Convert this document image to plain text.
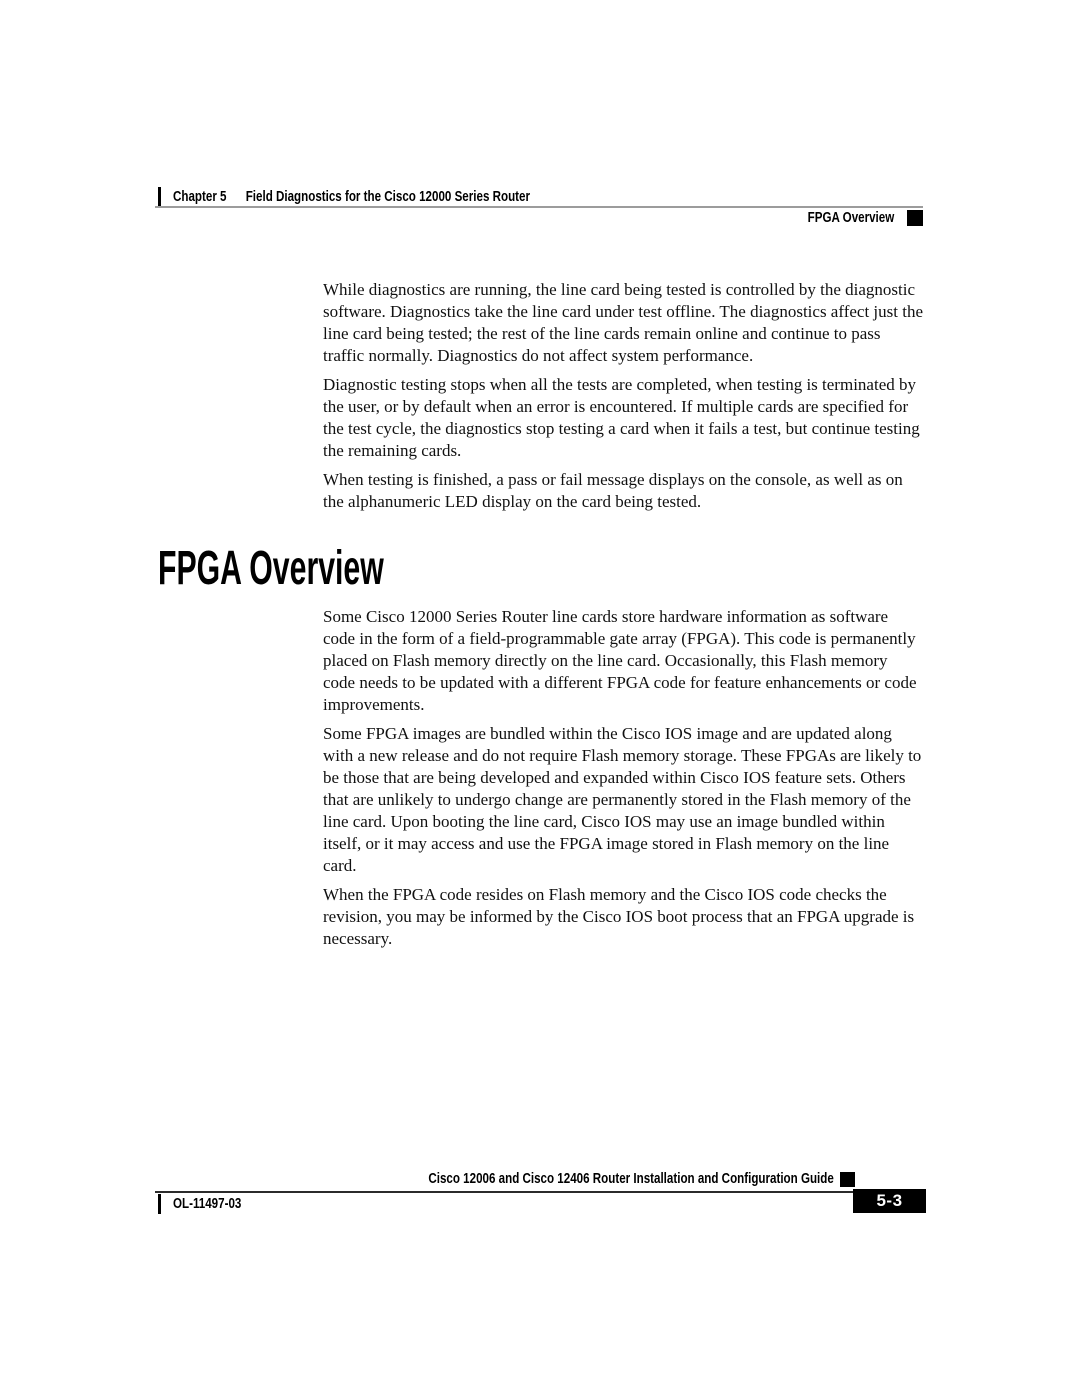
Chapter 5 Field Diagnostics for the Cisco 12000 Series Router
FPGA Overview

While diagnostics are running, the line card being tested is controlled by the diagnostic software. Diagnostics take the line card under test offline. The diagnostics affect just the line card being tested; the rest of the line cards remain online and continue to pass traffic normally. Diagnostics do not affect system performance.

Diagnostic testing stops when all the tests are completed, when testing is terminated by the user, or by default when an error is encountered. If multiple cards are specified for the test cycle, the diagnostics stop testing a card when it fails a test, but continue testing the remaining cards.

When testing is finished, a pass or fail message displays on the console, as well as on the alphanumeric LED display on the card being tested.

FPGA Overview

Some Cisco 12000 Series Router line cards store hardware information as software code in the form of a field-programmable gate array (FPGA). This code is permanently placed on Flash memory directly on the line card. Occasionally, this Flash memory code needs to be updated with a different FPGA code for feature enhancements or code improvements.

Some FPGA images are bundled within the Cisco IOS image and are updated along with a new release and do not require Flash memory storage. These FPGAs are likely to be those that are being developed and expanded within Cisco IOS feature sets. Others that are unlikely to undergo change are permanently stored in the Flash memory of the line card. Upon booting the line card, Cisco IOS may use an image bundled within itself, or it may access and use the FPGA image stored in Flash memory on the line card.

When the FPGA code resides on Flash memory and the Cisco IOS code checks the revision, you may be informed by the Cisco IOS boot process that an FPGA upgrade is necessary.

Cisco 12006 and Cisco 12406 Router Installation and Configuration Guide
OL-11497-03	5-3
